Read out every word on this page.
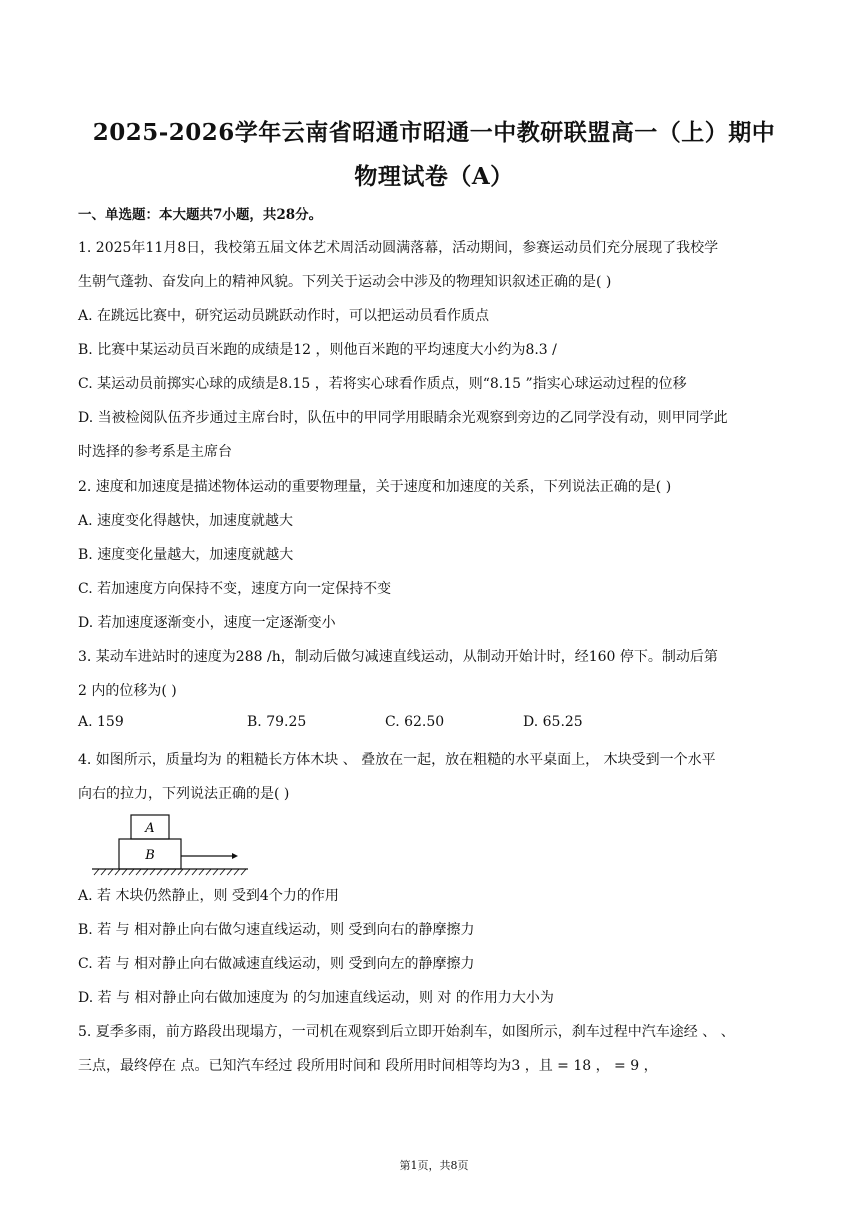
2025-2026学年云南省昭通市昭通一中教研联盟高一（上）期中
物理试卷（A）
一、单选题：本大题共7小题，共28分。
1. 2025年11月8日，我校第五届文体艺术周活动圆满落幕，活动期间，参赛运动员们充分展现了我校学
生朝气蓬勃、奋发向上的精神风貌。下列关于运动会中涉及的物理知识叙述正确的是( )
A. 在跳远比赛中，研究运动员跳跃动作时，可以把运动员看作质点
B. 比赛中某运动员百米跑的成绩是12 ，则他百米跑的平均速度大小约为8.3 /
C. 某运动员前掷实心球的成绩是8.15 ，若将实心球看作质点，则“8.15 ”指实心球运动过程的位移
D. 当被检阅队伍齐步通过主席台时，队伍中的甲同学用眼睛余光观察到旁边的乙同学没有动，则甲同学此
时选择的参考系是主席台
2. 速度和加速度是描述物体运动的重要物理量，关于速度和加速度的关系，下列说法正确的是( )
A. 速度变化得越快，加速度就越大
B. 速度变化量越大，加速度就越大
C. 若加速度方向保持不变，速度方向一定保持不变
D. 若加速度逐渐变小，速度一定逐渐变小
3. 某动车进站时的速度为288 /h，制动后做匀减速直线运动，从制动开始计时，经160 停下。制动后第
2 内的位移为( )
A. 159	B. 79.25	C. 62.50	D. 65.25
4. 如图所示，质量均为 的粗糙长方体木块 、 叠放在一起，放在粗糙的水平桌面上， 木块受到一个水平
向右的拉力，下列说法正确的是( )
A
B
A. 若 木块仍然静止，则 受到4个力的作用
B. 若 与 相对静止向右做匀速直线运动，则 受到向右的静摩擦力
C. 若 与 相对静止向右做减速直线运动，则 受到向左的静摩擦力
D. 若 与 相对静止向右做加速度为 的匀加速直线运动，则 对 的作用力大小为
5. 夏季多雨，前方路段出现塌方，一司机在观察到后立即开始刹车，如图所示，刹车过程中汽车途经 、 、
三点，最终停在 点。已知汽车经过 段所用时间和 段所用时间相等均为3 ，且 = 18 ， = 9 ，
第1页，共8页
